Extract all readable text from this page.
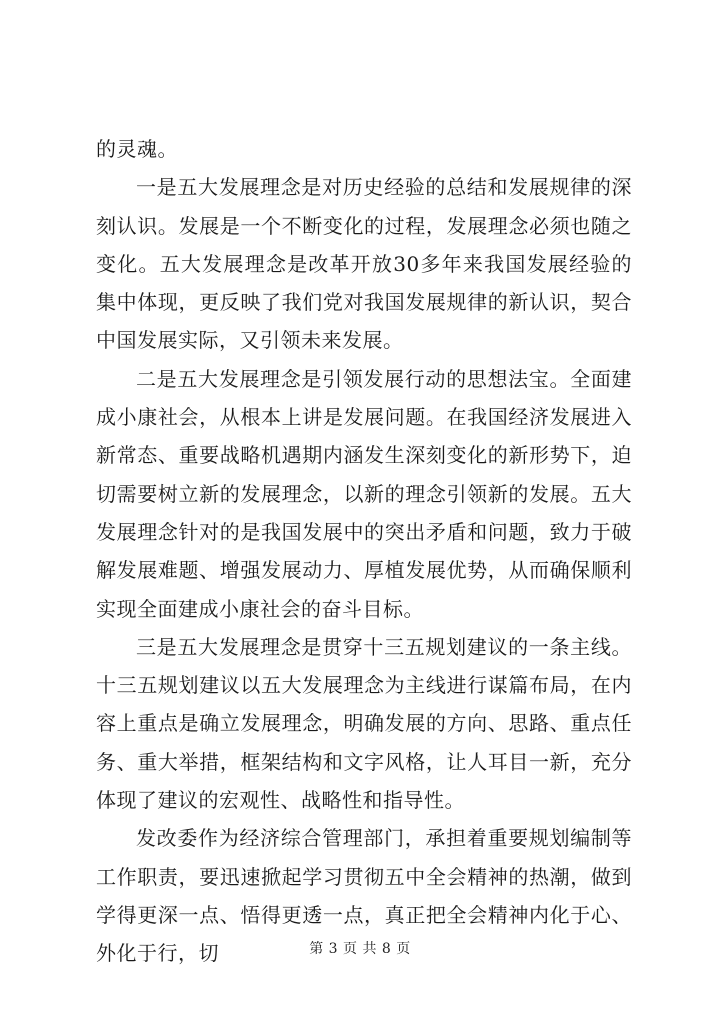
的灵魂。

一是五大发展理念是对历史经验的总结和发展规律的深刻认识。发展是一个不断变化的过程，发展理念必须也随之变化。五大发展理念是改革开放30多年来我国发展经验的集中体现，更反映了我们党对我国发展规律的新认识，契合中国发展实际，又引领未来发展。

二是五大发展理念是引领发展行动的思想法宝。全面建成小康社会，从根本上讲是发展问题。在我国经济发展进入新常态、重要战略机遇期内涵发生深刻变化的新形势下，迫切需要树立新的发展理念，以新的理念引领新的发展。五大发展理念针对的是我国发展中的突出矛盾和问题，致力于破解发展难题、增强发展动力、厚植发展优势，从而确保顺利实现全面建成小康社会的奋斗目标。

三是五大发展理念是贯穿十三五规划建议的一条主线。十三五规划建议以五大发展理念为主线进行谋篇布局，在内容上重点是确立发展理念，明确发展的方向、思路、重点任务、重大举措，框架结构和文字风格，让人耳目一新，充分体现了建议的宏观性、战略性和指导性。

发改委作为经济综合管理部门，承担着重要规划编制等工作职责，要迅速掀起学习贯彻五中全会精神的热潮，做到学得更深一点、悟得更透一点，真正把全会精神内化于心、外化于行，切	第 3 页 共 8 页
